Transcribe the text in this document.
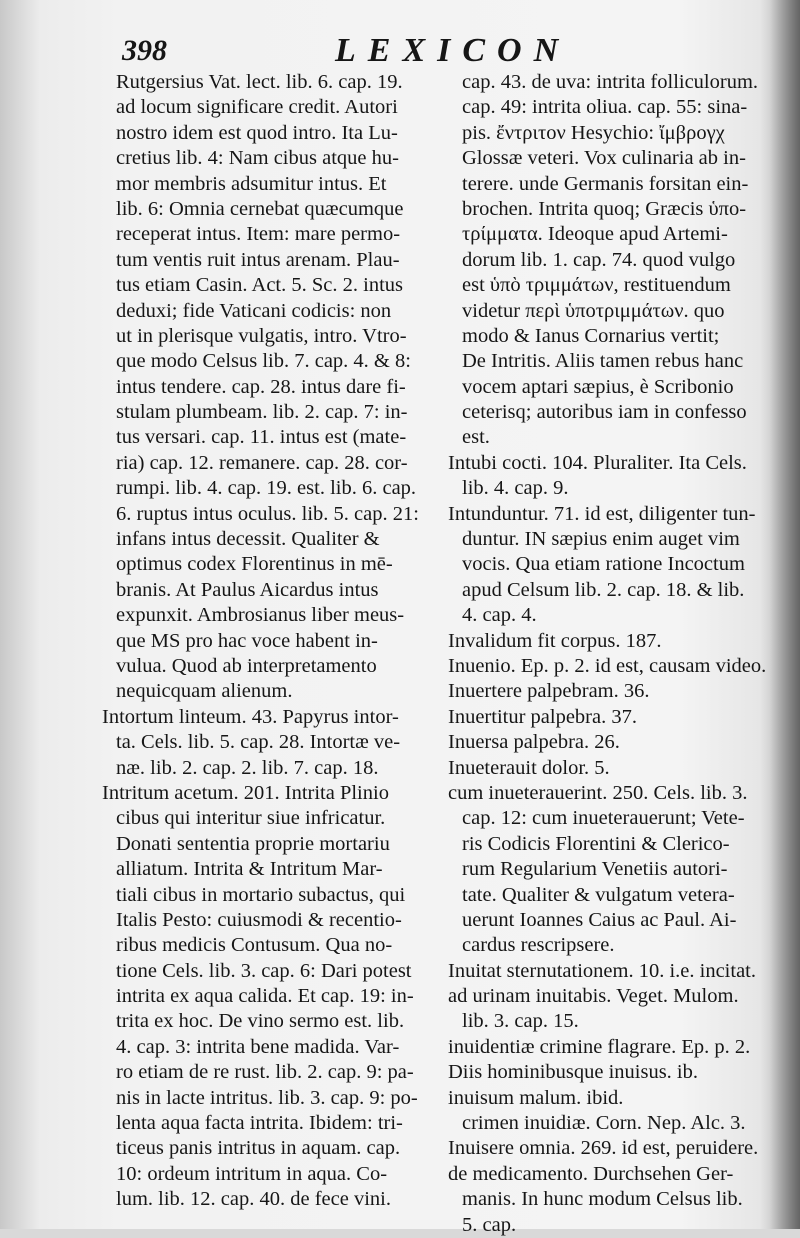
398	LEXICON
Rutgersius Vat. lect. lib. 6. cap. 19.
ad locum significare credit. Autori
nostro idem est quod intro. Ita Lu-
cretius lib. 4: Nam cibus atque hu-
mor membris adsumitur intus. Et
lib. 6: Omnia cernebat quæcumque
receperat intus. Item: mare permo-
tum ventis ruit intus arenam. Plau-
tus etiam Casin. Act. 5. Sc. 2. intus
deduxi; fide Vaticani codicis: non
ut in plerisque vulgatis, intro. Vtro-
que modo Celsus lib. 7. cap. 4. & 8:
intus tendere. cap. 28. intus dare fi-
stulam plumbeam. lib. 2. cap. 7: in-
tus versari. cap. 11. intus est (mate-
ria) cap. 12. remanere. cap. 28. cor-
rumpi. lib. 4. cap. 19. est. lib. 6. cap.
6. ruptus intus oculus. lib. 5. cap. 21:
infans intus decessit. Qualiter &
optimus codex Florentinus in mē-
branis. At Paulus Aicardus intus
expunxit. Ambrosianus liber meus-
que MS pro hac voce habent in-
vulua. Quod ab interpretamento
nequicquam alienum.
Intortum linteum. 43. Papyrus intor-
ta. Cels. lib. 5. cap. 28. Intortæ ve-
næ. lib. 2. cap. 2. lib. 7. cap. 18.
Intritum acetum. 201. Intrita Plinio
cibus qui interitur siue infricatur.
Donati sententia proprie mortariu
alliatum. Intrita & Intritum Mar-
tiali cibus in mortario subactus, qui
Italis Pesto: cuiusmodi & recentio-
ribus medicis Contusum. Qua no-
tione Cels. lib. 3. cap. 6: Dari potest
intrita ex aqua calida. Et cap. 19: in-
trita ex hoc. De vino sermo est. lib.
4. cap. 3: intrita bene madida. Var-
ro etiam de re rust. lib. 2. cap. 9: pa-
nis in lacte intritus. lib. 3. cap. 9: po-
lenta aqua facta intrita. Ibidem: tri-
ticeus panis intritus in aquam. cap.
10: ordeum intritum in aqua. Co-
lum. lib. 12. cap. 40. de fece vini.
cap. 43. de uva: intrita folliculorum.
cap. 49: intrita oliua. cap. 55: sina-
pis. ἔντριτον Hesychio: ἴμβρογχ
Glossæ veteri. Vox culinaria ab in-
terere. unde Germanis forsitan ein-
brochen. Intrita quoq; Græcis ὑπο-
τρίμματα. Ideoque apud Artemi-
dorum lib. 1. cap. 74. quod vulgo
est ὑπὸ τριμμάτων, restituendum
videtur περὶ ὑποτριμμάτων. quo
modo & Ianus Cornarius vertit;
De Intritis. Aliis tamen rebus hanc
vocem aptari sæpius, è Scribonio
ceterisq; autoribus iam in confesso
est.
Intubi cocti. 104. Pluraliter. Ita Cels.
lib. 4. cap. 9.
Intunduntur. 71. id est, diligenter tun-
duntur. IN sæpius enim auget vim
vocis. Qua etiam ratione Incoctum
apud Celsum lib. 2. cap. 18. & lib.
4. cap. 4.
Invalidum fit corpus. 187.
Inuenio. Ep. p. 2. id est, causam video.
Inuertere palpebram. 36.
Inuertitur palpebra. 37.
Inuersa palpebra. 26.
Inueterauit dolor. 5.
cum inueterauerint. 250. Cels. lib. 3.
cap. 12: cum inueterauerunt; Vete-
ris Codicis Florentini & Clerico-
rum Regularium Venetiis autori-
tate. Qualiter & vulgatum vetera-
uerunt Ioannes Caius ac Paul. Ai-
cardus rescripsere.
Inuitat sternutationem. 10. i.e. incitat.
ad urinam inuitabis. Veget. Mulom.
lib. 3. cap. 15.
inuidentiæ crimine flagrare. Ep. p. 2.
Diis hominibusque inuisus. ib.
inuisum malum. ibid.
crimen inuidiæ. Corn. Nep. Alc. 3.
Inuisere omnia. 269. id est, peruidere.
de medicamento. Durchsehen Ger-
manis. In hunc modum Celsus lib.
5. cap.
